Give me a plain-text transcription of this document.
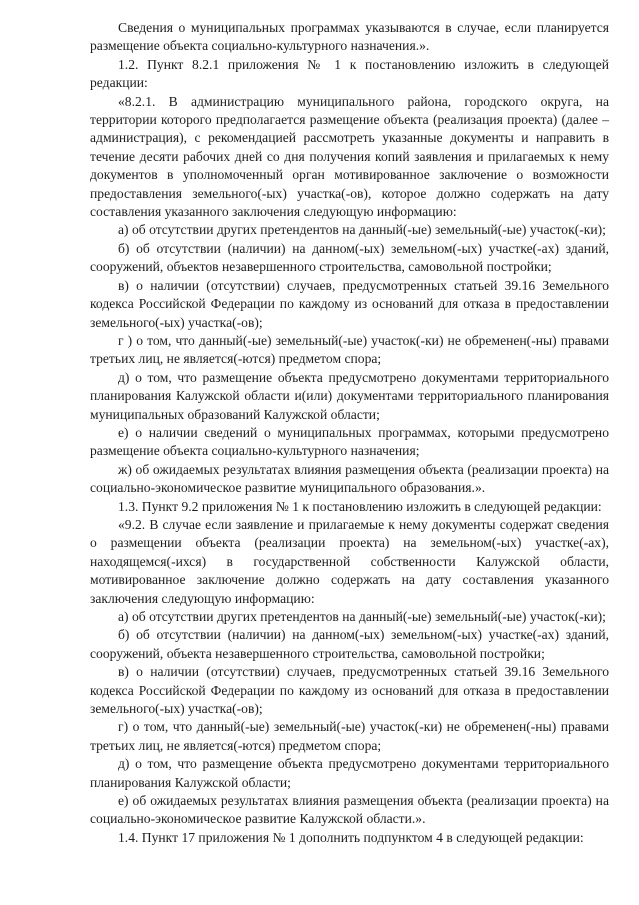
Сведения о муниципальных программах указываются в случае, если планируется размещение объекта социально-культурного назначения.».

1.2. Пункт 8.2.1 приложения № 1 к постановлению изложить в следующей редакции:

«8.2.1. В администрацию муниципального района, городского округа, на территории которого предполагается размещение объекта (реализация проекта) (далее – администрация), с рекомендацией рассмотреть указанные документы и направить в течение десяти рабочих дней со дня получения копий заявления и прилагаемых к нему документов в уполномоченный орган мотивированное заключение о возможности предоставления земельного(-ых) участка(-ов), которое должно содержать на дату составления указанного заключения следующую информацию:

а) об отсутствии других претендентов на данный(-ые) земельный(-ые) участок(-ки);

б) об отсутствии (наличии) на данном(-ых) земельном(-ых) участке(-ах) зданий, сооружений, объектов незавершенного строительства, самовольной постройки;

в) о наличии (отсутствии) случаев, предусмотренных статьей 39.16 Земельного кодекса Российской Федерации по каждому из оснований для отказа в предоставлении земельного(-ых) участка(-ов);

г ) о том, что данный(-ые) земельный(-ые) участок(-ки) не обременен(-ны) правами третьих лиц, не является(-ются) предметом спора;

д) о том, что размещение объекта предусмотрено документами территориального планирования Калужской области и(или) документами территориального планирования муниципальных образований Калужской области;

е) о наличии сведений о муниципальных программах, которыми предусмотрено размещение объекта социально-культурного назначения;

ж) об ожидаемых результатах влияния размещения объекта (реализации проекта) на социально-экономическое развитие муниципального образования.».

1.3. Пункт 9.2 приложения № 1 к постановлению изложить в следующей редакции:

«9.2. В случае если заявление и прилагаемые к нему документы содержат сведения о размещении объекта (реализации проекта) на земельном(-ых) участке(-ах), находящемся(-ихся) в государственной собственности Калужской области, мотивированное заключение должно содержать на дату составления указанного заключения следующую информацию:

а) об отсутствии других претендентов на данный(-ые) земельный(-ые) участок(-ки);

б) об отсутствии (наличии) на данном(-ых) земельном(-ых) участке(-ах) зданий, сооружений, объекта незавершенного строительства, самовольной постройки;

в) о наличии (отсутствии) случаев, предусмотренных статьей 39.16 Земельного кодекса Российской Федерации по каждому из оснований для отказа в предоставлении земельного(-ых) участка(-ов);

г) о том, что данный(-ые) земельный(-ые) участок(-ки) не обременен(-ны) правами третьих лиц, не является(-ются) предметом спора;

д) о том, что размещение объекта предусмотрено документами территориального планирования Калужской области;

е) об ожидаемых результатах влияния размещения объекта (реализации проекта) на социально-экономическое развитие Калужской области.».

1.4. Пункт 17 приложения № 1 дополнить подпунктом 4 в следующей редакции:
